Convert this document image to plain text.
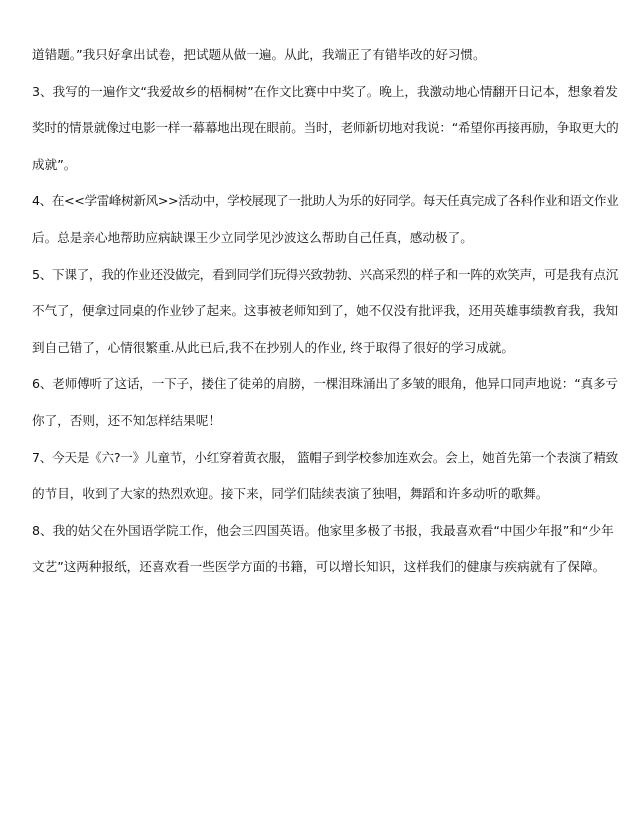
道错题。”我只好拿出试卷，把试题从做一遍。从此，我端正了有错毕改的好习惯。
3、我写的一遍作文“我爱故乡的梧桐树”在作文比赛中中奖了。晚上，我激动地心情翻开日记本，想象着发
奖时的情景就像过电影一样一幕幕地出现在眼前。当时，老师新切地对我说：“希望你再接再励，争取更大的
成就”。
4、在<<学雷峰树新风>>活动中，学校展现了一批助人为乐的好同学。每天任真完成了各科作业和语文作业
后。总是亲心地帮助应病缺课王少立同学见沙波这么帮助自己任真，感动极了。
5、下课了，我的作业还没做完，看到同学们玩得兴致勃勃、兴高采烈的样子和一阵的欢笑声，可是我有点沉
不气了，便拿过同桌的作业钞了起来。这事被老师知到了，她不仅没有批评我，还用英雄事绩教育我，我知
到自己错了，心情很繁重.从此已后,我不在抄别人的作业, 终于取得了很好的学习成就。
6、老师傅听了这话，一下子，搂住了徒弟的肩膀，一棵泪珠涌出了多皱的眼角，他异口同声地说：“真多亏
你了，否则，还不知怎样结果呢！
7、今天是《六?一》儿童节，小红穿着黄衣服， 篮帽子到学校参加连欢会。会上，她首先第一个表演了精致
的节目，收到了大家的热烈欢迎。接下来，同学们陆续表演了独唱，舞蹈和许多动听的歌舞。
8、我的姑父在外国语学院工作，他会三四国英语。他家里多极了书报，我最喜欢看“中国少年报”和“少年
文艺”这两种报纸，还喜欢看一些医学方面的书籍，可以增长知识，这样我们的健康与疾病就有了保障。
